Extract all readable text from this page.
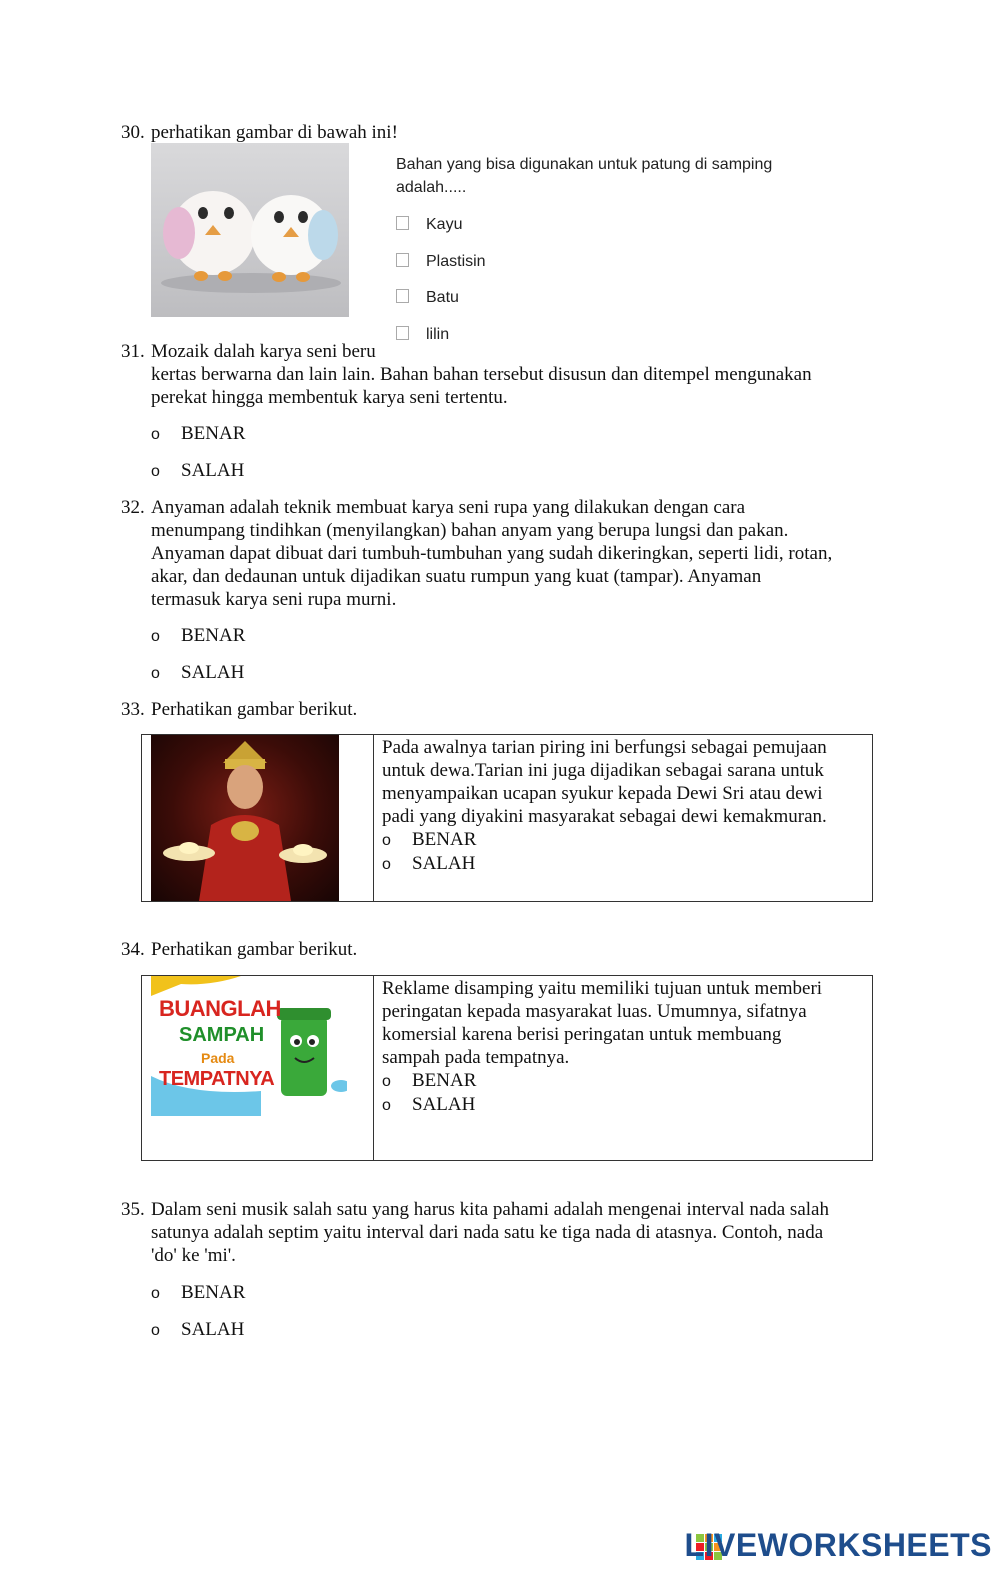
30. perhatikan gambar di bawah ini!
Bahan yang bisa digunakan untuk patung di samping
adalah.....
Kayu
Plastisin
Batu
lilin
31. Mozaik dalah karya seni beru
kertas berwarna dan lain lain. Bahan bahan tersebut disusun dan ditempel mengunakan
perekat hingga membentuk karya seni tertentu.
o BENAR
o SALAH
32. Anyaman adalah teknik membuat karya seni rupa yang dilakukan dengan cara
menumpang tindihkan (menyilangkan) bahan anyam yang berupa lungsi dan pakan.
Anyaman dapat dibuat dari tumbuh-tumbuhan yang sudah dikeringkan, seperti lidi, rotan,
akar, dan dedaunan untuk dijadikan suatu rumpun yang kuat (tampar). Anyaman
termasuk karya seni rupa murni.
o BENAR
o SALAH
33. Perhatikan gambar berikut.
Pada awalnya tarian piring ini berfungsi sebagai pemujaan
untuk dewa.Tarian ini juga dijadikan sebagai sarana untuk
menyampaikan ucapan syukur kepada Dewi Sri atau dewi
padi yang diyakini masyarakat sebagai dewi kemakmuran.
o BENAR
o SALAH
34. Perhatikan gambar berikut.
BUANGLAH
SAMPAH
Pada
TEMPATNYA
Reklame disamping yaitu memiliki tujuan untuk memberi
peringatan kepada masyarakat luas. Umumnya, sifatnya
komersial karena berisi peringatan untuk membuang
sampah pada tempatnya.
o BENAR
o SALAH
35. Dalam seni musik salah satu yang harus kita pahami adalah mengenai interval nada salah
satunya adalah septim yaitu interval dari nada satu ke tiga nada di atasnya. Contoh, nada
'do' ke 'mi'.
o BENAR
o SALAH
LIVEWORKSHEETS
